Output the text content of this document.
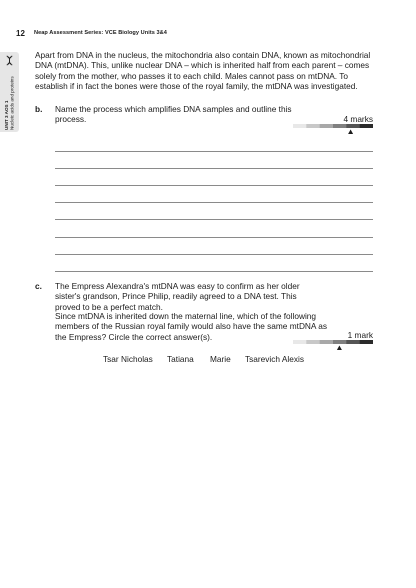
12 Neap Assessment Series: VCE Biology Units 3&4
UNIT 3 AOS 1 Nucleic acids and proteins
Apart from DNA in the nucleus, the mitochondria also contain DNA, known as mitochondrial DNA (mtDNA). This, unlike nuclear DNA – which is inherited half from each parent – comes solely from the mother, who passes it to each child. Males cannot pass on mtDNA. To establish if in fact the bones were those of the royal family, the mtDNA was investigated.
b. Name the process which amplifies DNA samples and outline this process.	4 marks
c. The Empress Alexandra's mtDNA was easy to confirm as her older sister's grandson, Prince Philip, readily agreed to a DNA test. This proved to be a perfect match.
Since mtDNA is inherited down the maternal line, which of the following members of the Russian royal family would also have the same mtDNA as the Empress? Circle the correct answer(s).	1 mark
Tsar Nicholas Tatiana Marie Tsarevich Alexis
